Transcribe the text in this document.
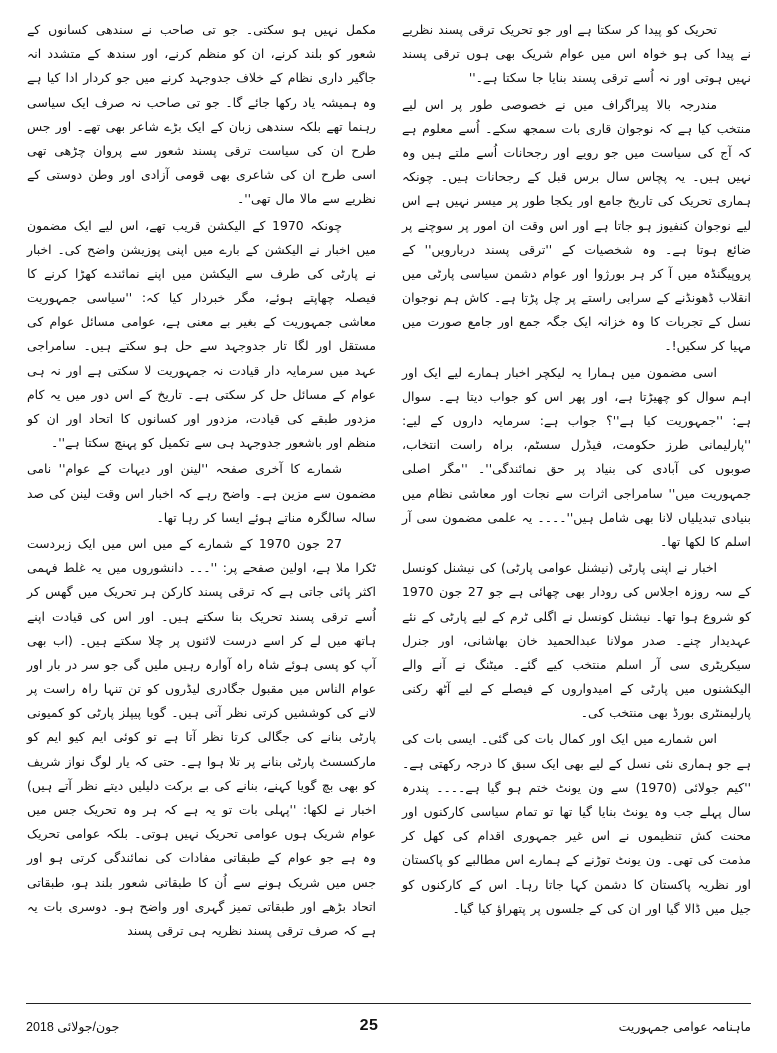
تحریک کو پیدا کر سکتا ہے اور جو تحریک ترقی پسند نظریے نے پیدا کی ہو خواہ اس میں عوام شریک بھی ہوں ترقی پسند نہیں ہوتی اور نہ اُسے ترقی پسند بنایا جا سکتا ہے۔''

مندرجہ بالا پیراگراف میں نے خصوصی طور پر اس لیے منتخب کیا ہے کہ نوجوان قاری بات سمجھ سکے۔ اُسے معلوم ہے کہ آج کی سیاست میں جو رویے اور رجحانات اُسے ملتے ہیں وہ نہیں ہیں۔ یہ پچاس سال برس قبل کے رجحانات ہیں۔ چونکہ ہماری تحریک کی تاریخ جامع اور یکجا طور پر میسر نہیں ہے اس لیے نوجوان کنفیوز ہو جاتا ہے اور اس وقت ان امور پر سوچنے پر ضائع ہوتا ہے۔ وہ شخصیات کے ''ترقی پسند دربارویں'' کے پروپیگنڈہ میں آ کر ہر بورژوا اور عوام دشمن سیاسی پارٹی میں انقلاب ڈھونڈنے کے سرابی راستے پر چل پڑتا ہے۔ کاش ہم نوجوان نسل کے تجربات کا وہ خزانہ ایک جگہ جمع اور جامع صورت میں مہیا کر سکیں!۔

اسی مضمون میں ہمارا یہ لیکچر اخبار ہمارے لیے ایک اور اہم سوال کو چھیڑتا ہے، اور پھر اس کو جواب دیتا ہے۔ سوال ہے: ''جمہوریت کیا ہے''؟ جواب ہے: سرمایہ داروں کے لیے: ''پارلیمانی طرز حکومت، فیڈرل سسٹم، براہ راست انتخاب، صوبوں کی آبادی کی بنیاد پر حق نمائندگی''۔ ''مگر اصلی جمہوریت میں'' سامراجی اثرات سے نجات اور معاشی نظام میں بنیادی تبدیلیاں لانا بھی شامل ہیں''۔۔۔۔ یہ علمی مضمون سی آر اسلم کا لکھا تھا۔

اخبار نے اپنی پارٹی (نیشنل عوامی پارٹی) کی نیشنل کونسل کے سہ روزہ اجلاس کی رودار بھی چھائی ہے جو 27 جون 1970 کو شروع ہوا تھا۔ نیشنل کونسل نے اگلی ٹرم کے لیے پارٹی کے نئے عہدیدار چنے۔ صدر مولانا عبدالحمید خان بھاشانی، اور جنرل سیکریٹری سی آر اسلم منتخب کیے گئے۔ میٹنگ نے آنے والے الیکشنوں میں پارٹی کے امیدواروں کے فیصلے کے لیے آٹھ رکنی پارلیمنٹری بورڈ بھی منتخب کی۔

اس شمارے میں ایک اور کمال بات کی گئی۔ ایسی بات کی ہے جو ہماری نئی نسل کے لیے بھی ایک سبق کا درجہ رکھتی ہے۔ ''کیم جولائی (1970) سے ون یونٹ ختم ہو گیا ہے۔۔۔۔ پندرہ سال پہلے جب وہ یونٹ بنایا گیا تھا تو تمام سیاسی کارکنوں اور محنت کش تنظیموں نے اس غیر جمہوری اقدام کی کھل کر مذمت کی تھی۔ ون یونٹ توڑنے کے ہمارے اس مطالبے کو پاکستان اور نظریہ پاکستان کا دشمن کہا جاتا رہا۔ اس کے کارکنوں کو جیل میں ڈالا گیا اور ان کی کے جلسوں پر پتھراؤ کیا گیا۔

مکمل نہیں ہو سکتی۔ جو تی صاحب نے سندھی کسانوں کے شعور کو بلند کرنے، ان کو منظم کرنے، اور سندھ کے متشدد انہ جاگیر داری نظام کے خلاف جدوجہد کرنے میں جو کردار ادا کیا ہے وہ ہمیشہ یاد رکھا جائے گا۔ جو تی صاحب نہ صرف ایک سیاسی رہنما تھے بلکہ سندھی زبان کے ایک بڑے شاعر بھی تھے۔ اور جس طرح ان کی سیاست ترقی پسند شعور سے پروان چڑھی تھی اسی طرح ان کی شاعری بھی قومی آزادی اور وطن دوستی کے نظریے سے مالا مال تھی''۔

چونکہ 1970 کے الیکشن قریب تھے، اس لیے ایک مضمون میں اخبار نے الیکشن کے بارے میں اپنی پوزیشن واضح کی۔ اخبار نے پارٹی کی طرف سے الیکشن میں اپنے نمائندے کھڑا کرنے کا فیصلہ چھاپتے ہوئے، مگر خبردار کیا کہ: ''سیاسی جمہوریت معاشی جمہوریت کے بغیر بے معنی ہے، عوامی مسائل عوام کی مستقل اور لگا تار جدوجہد سے حل ہو سکتے ہیں۔ سامراجی عہد میں سرمایہ دار قیادت نہ جمہوریت لا سکتی ہے اور نہ ہی عوام کے مسائل حل کر سکتی ہے۔ تاریخ کے اس دور میں یہ کام مزدور طبقے کی قیادت، مزدور اور کسانوں کا اتحاد اور ان کو منظم اور باشعور جدوجہد ہی سے تکمیل کو پہنچ سکتا ہے''۔

شمارے کا آخری صفحہ ''لینن اور دیہات کے عوام'' نامی مضمون سے مزین ہے۔ واضح رہے کہ اخبار اس وقت لینن کی صد سالہ سالگرہ مناتے ہوئے ایسا کر رہا تھا۔

27 جون 1970 کے شمارے کے میں اس میں ایک زبردست ٹکرا ملا ہے، اولین صفحے پر: ''۔۔۔ دانشوروں میں یہ غلط فہمی اکثر پائی جاتی ہے کہ ترقی پسند کارکن ہر تحریک میں گھس کر اُسے ترقی پسند تحریک بنا سکتے ہیں۔ اور اس کی قیادت اپنے ہاتھ میں لے کر اسے درست لائنوں پر چلا سکتے ہیں۔ (اب بھی آپ کو پسی ہوئے شاہ راہ آوارہ رہیں ملیں گی جو سر در بار اور عوام الناس میں مقبول جگادری لیڈروں کو تن تنہا راہ راست پر لانے کی کوششیں کرتی نظر آتی ہیں۔ گویا پیپلز پارٹی کو کمیونی پارٹی بنانے کی جگالی کرتا نظر آتا ہے تو کوئی ایم کیو ایم کو مارکسسٹ پارٹی بنانے پر تلا ہوا ہے۔ حتی کہ یار لوگ نواز شریف کو بھی بچ گویا کہنے، بنانے کی بے برکت دلیلیں دیتے نظر آتے ہیں) اخبار نے لکھا: ''پہلی بات تو یہ ہے کہ ہر وہ تحریک جس میں عوام شریک ہوں عوامی تحریک نہیں ہوتی۔ بلکہ عوامی تحریک وہ ہے جو عوام کے طبقاتی مفادات کی نمائندگی کرتی ہو اور جس میں شریک ہونے سے اُن کا طبقاتی شعور بلند ہو، طبقاتی اتحاد بڑھے اور طبقاتی تمیز گہری اور واضح ہو۔ دوسری بات یہ ہے کہ صرف ترقی پسند نظریہ ہی ترقی پسند

ماہنامہ عوامی جمہوریت
25
جون/جولائی 2018
